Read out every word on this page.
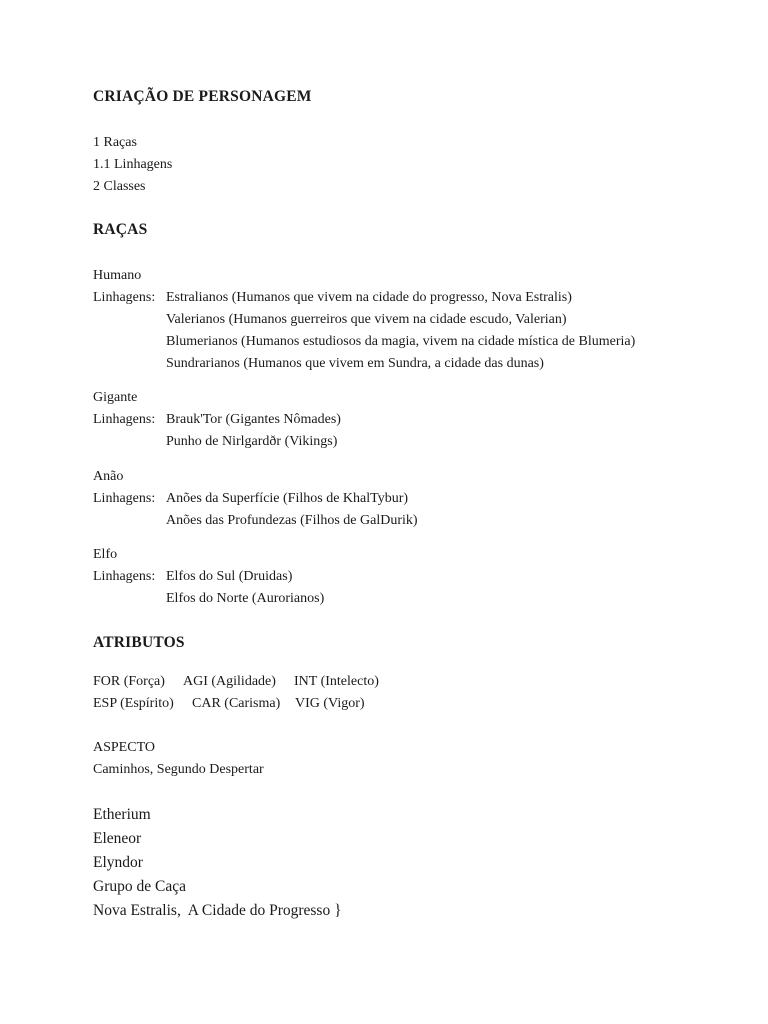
CRIAÇÃO DE PERSONAGEM
1 Raças
1.1 Linhagens
2 Classes
RAÇAS
Humano
Linhagens: Estralianos (Humanos que vivem na cidade do progresso, Nova Estralis)
Valerianos (Humanos guerreiros que vivem na cidade escudo, Valerian)
Blumerianos (Humanos estudiosos da magia, vivem na cidade mística de Blumeria)
Sundrarianos (Humanos que vivem em Sundra, a cidade das dunas)
Gigante
Linhagens: Brauk'Tor (Gigantes Nômades)
Punho de Nirlgardðr (Vikings)
Anão
Linhagens: Anões da Superfície (Filhos de KhalTybur)
Anões das Profundezas (Filhos de GalDurik)
Elfo
Linhagens: Elfos do Sul (Druidas)
Elfos do Norte (Aurorianos)
ATRIBUTOS
FOR (Força) AGI (Agilidade) INT (Intelecto)
ESP (Espírito) CAR (Carisma) VIG (Vigor)
ASPECTO
Caminhos, Segundo Despertar
Etherium
Eleneor
Elyndor
Grupo de Caça
Nova Estralis,  A Cidade do Progresso }
